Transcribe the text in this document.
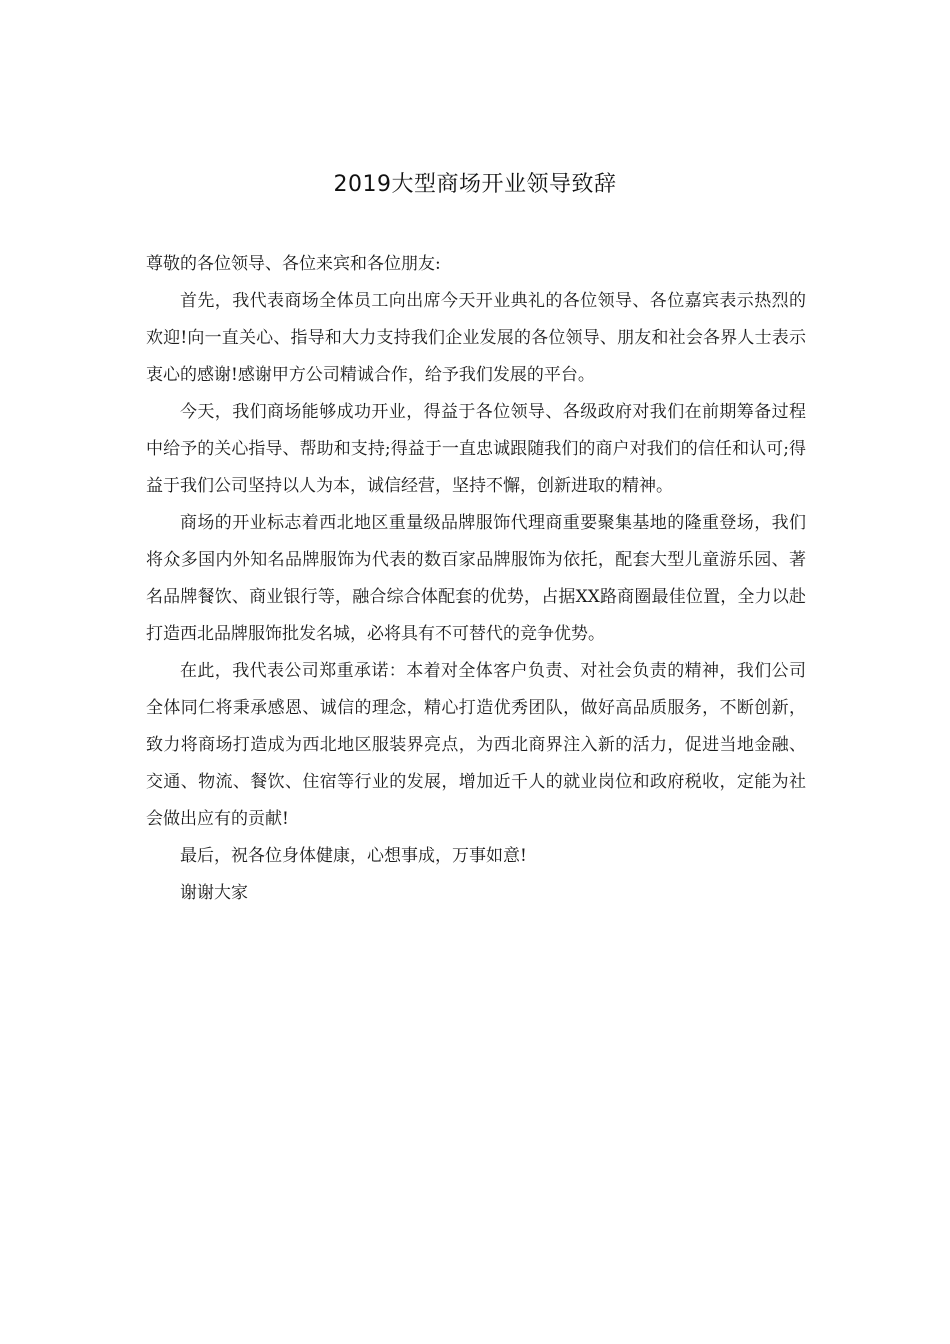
2019大型商场开业领导致辞

尊敬的各位领导、各位来宾和各位朋友:

首先，我代表商场全体员工向出席今天开业典礼的各位领导、各位嘉宾表示热烈的欢迎!向一直关心、指导和大力支持我们企业发展的各位领导、朋友和社会各界人士表示衷心的感谢!感谢甲方公司精诚合作，给予我们发展的平台。

今天，我们商场能够成功开业，得益于各位领导、各级政府对我们在前期筹备过程中给予的关心指导、帮助和支持;得益于一直忠诚跟随我们的商户对我们的信任和认可;得益于我们公司坚持以人为本，诚信经营，坚持不懈，创新进取的精神。

商场的开业标志着西北地区重量级品牌服饰代理商重要聚集基地的隆重登场，我们将众多国内外知名品牌服饰为代表的数百家品牌服饰为依托，配套大型儿童游乐园、著名品牌餐饮、商业银行等，融合综合体配套的优势，占据XX路商圈最佳位置，全力以赴打造西北品牌服饰批发名城，必将具有不可替代的竞争优势。

在此，我代表公司郑重承诺：本着对全体客户负责、对社会负责的精神，我们公司全体同仁将秉承感恩、诚信的理念，精心打造优秀团队，做好高品质服务，不断创新，致力将商场打造成为西北地区服装界亮点，为西北商界注入新的活力，促进当地金融、交通、物流、餐饮、住宿等行业的发展，增加近千人的就业岗位和政府税收，定能为社会做出应有的贡献!

最后，祝各位身体健康，心想事成，万事如意!

谢谢大家
